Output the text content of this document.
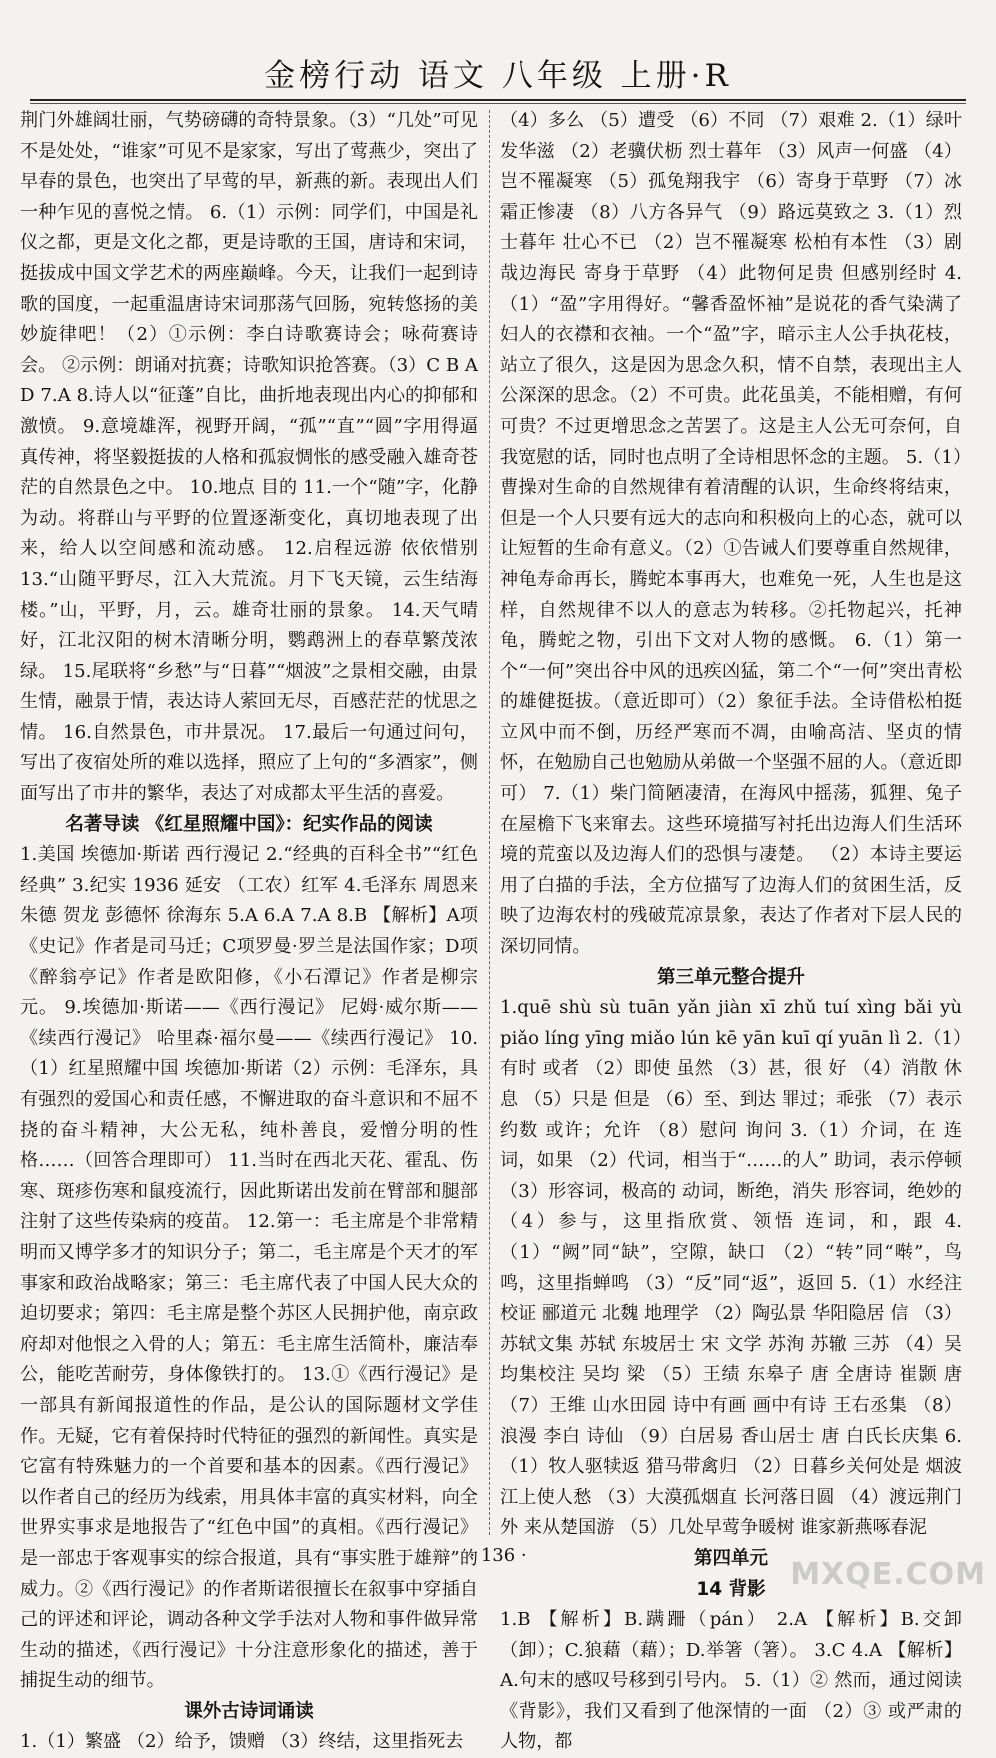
金榜行动 语文 八年级 上册·R

荆门外雄阔壮丽，气势磅礴的奇特景象。（3）“几处”可见不是处处，“谁家”可见不是家家，写出了莺燕少，突出了早春的景色，也突出了早莺的早，新燕的新。表现出人们一种乍见的喜悦之情。 6.（1）示例：同学们，中国是礼仪之都，更是文化之都，更是诗歌的王国，唐诗和宋词，挺拔成中国文学艺术的两座巅峰。今天，让我们一起到诗歌的国度，一起重温唐诗宋词那荡气回肠，宛转悠扬的美妙旋律吧！（2）①示例：李白诗歌赛诗会；咏荷赛诗会。 ②示例：朗诵对抗赛；诗歌知识抢答赛。（3）C B A D 7.A 8.诗人以“征蓬”自比，曲折地表现出内心的抑郁和激愤。 9.意境雄浑，视野开阔，“孤”“直”“圆”字用得逼真传神，将坚毅挺拔的人格和孤寂惆怅的感受融入雄奇苍茫的自然景色之中。 10.地点 目的 11.一个“随”字，化静为动。将群山与平野的位置逐渐变化，真切地表现了出来，给人以空间感和流动感。 12.启程远游 依依惜别 13.“山随平野尽，江入大荒流。月下飞天镜，云生结海楼。”山，平野，月，云。雄奇壮丽的景象。 14.天气晴好，江北汉阳的树木清晰分明，鹦鹉洲上的春草繁茂浓绿。 15.尾联将“乡愁”与“日暮”“烟波”之景相交融，由景生情，融景于情，表达诗人萦回无尽，百感茫茫的忧思之情。 16.自然景色，市井景况。 17.最后一句通过问句，写出了夜宿处所的难以选择，照应了上句的“多酒家”，侧面写出了市井的繁华，表达了对成都太平生活的喜爱。

名著导读 《红星照耀中国》：纪实作品的阅读

1.美国 埃德加·斯诺 西行漫记 2.“经典的百科全书”“红色经典” 3.纪实 1936 延安 （工农）红军 4.毛泽东 周恩来 朱德 贺龙 彭德怀 徐海东 5.A 6.A 7.A 8.B 【解析】A项《史记》作者是司马迁；C项罗曼·罗兰是法国作家；D项《醉翁亭记》作者是欧阳修，《小石潭记》作者是柳宗元。 9.埃德加·斯诺——《西行漫记》 尼姆·威尔斯——《续西行漫记》 哈里森·福尔曼——《续西行漫记》 10.（1）红星照耀中国 埃德加·斯诺（2）示例：毛泽东，具有强烈的爱国心和责任感，不懈进取的奋斗意识和不屈不挠的奋斗精神，大公无私，纯朴善良，爱憎分明的性格……（回答合理即可） 11.当时在西北天花、霍乱、伤寒、斑疹伤寒和鼠疫流行，因此斯诺出发前在臂部和腿部注射了这些传染病的疫苗。 12.第一：毛主席是个非常精明而又博学多才的知识分子；第二，毛主席是个天才的军事家和政治战略家；第三：毛主席代表了中国人民大众的迫切要求；第四：毛主席是整个苏区人民拥护他，南京政府却对他恨之入骨的人；第五：毛主席生活简朴，廉洁奉公，能吃苦耐劳，身体像铁打的。 13.①《西行漫记》是一部具有新闻报道性的作品，是公认的国际题材文学佳作。无疑，它有着保持时代特征的强烈的新闻性。真实是它富有特殊魅力的一个首要和基本的因素。《西行漫记》以作者自己的经历为线索，用具体丰富的真实材料，向全世界实事求是地报告了“红色中国”的真相。《西行漫记》是一部忠于客观事实的综合报道，具有“事实胜于雄辩”的威力。②《西行漫记》的作者斯诺很擅长在叙事中穿插自己的评述和评论，调动各种文学手法对人物和事件做异常生动的描述，《西行漫记》十分注意形象化的描述，善于捕捉生动的细节。

课外古诗词诵读

1.（1）繁盛 （2）给予，馈赠 （3）终结，这里指死去

（4）多么 （5）遭受 （6）不同 （7）艰难 2.（1）绿叶发华滋 （2）老骥伏枥 烈士暮年 （3）风声一何盛 （4）岂不罹凝寒 （5）孤兔翔我宇 （6）寄身于草野 （7）冰霜正惨凄 （8）八方各异气 （9）路远莫致之 3.（1）烈士暮年 壮心不已 （2）岂不罹凝寒 松柏有本性 （3）剧哉边海民 寄身于草野 （4）此物何足贵 但感别经时 4.（1）“盈”字用得好。“馨香盈怀袖”是说花的香气染满了妇人的衣襟和衣袖。一个“盈”字，暗示主人公手执花枝，站立了很久，这是因为思念久积，情不自禁，表现出主人公深深的思念。（2）不可贵。此花虽美，不能相赠，有何可贵？不过更增思念之苦罢了。这是主人公无可奈何，自我宽慰的话，同时也点明了全诗相思怀念的主题。 5.（1）曹操对生命的自然规律有着清醒的认识，生命终将结束，但是一个人只要有远大的志向和积极向上的心态，就可以让短暂的生命有意义。（2）①告诫人们要尊重自然规律，神龟寿命再长，腾蛇本事再大，也难免一死，人生也是这样，自然规律不以人的意志为转移。②托物起兴，托神龟，腾蛇之物，引出下文对人物的感慨。 6.（1）第一个“一何”突出谷中风的迅疾凶猛，第二个“一何”突出青松的雄健挺拔。（意近即可）（2）象征手法。全诗借松柏挺立风中而不倒，历经严寒而不凋，由喻高洁、坚贞的情怀，在勉励自己也勉励从弟做一个坚强不屈的人。（意近即可） 7.（1）柴门简陋凄清，在海风中摇荡，狐狸、兔子在屋檐下飞来窜去。这些环境描写衬托出边海人们生活环境的荒蛮以及边海人们的恐惧与凄楚。 （2）本诗主要运用了白描的手法，全方位描写了边海人们的贫困生活，反映了边海农村的残破荒凉景象，表达了作者对下层人民的深切同情。

第三单元整合提升

1.quē shù sù tuān yǎn jiàn xī zhǔ tuí xìng bǎi yù piǎo líng yīng miǎo lún kē yān kuī qí yuān lì 2.（1）有时 或者 （2）即使 虽然 （3）甚，很 好 （4）消散 休息 （5）只是 但是 （6）至、到达 罪过；乖张 （7）表示约数 或许；允许 （8）慰问 询问 3.（1）介词，在 连词，如果 （2）代词，相当于“……的人” 助词，表示停顿 （3）形容词，极高的 动词，断绝，消失 形容词，绝妙的 （4）参与，这里指欣赏、领悟 连词，和，跟 4.（1）“阙”同“缺”，空隙，缺口 （2）“转”同“啭”，鸟鸣，这里指蝉鸣 （3）“反”同“返”，返回 5.（1）水经注校证 郦道元 北魏 地理学 （2）陶弘景 华阳隐居 信 （3）苏轼文集 苏轼 东坡居士 宋 文学 苏洵 苏辙 三苏 （4）吴均集校注 吴均 梁 （5）王绩 东皋子 唐 全唐诗 崔颢 唐 （7）王维 山水田园 诗中有画 画中有诗 王右丞集 （8）浪漫 李白 诗仙 （9）白居易 香山居士 唐 白氏长庆集 6.（1）牧人驱犊返 猎马带禽归 （2）日暮乡关何处是 烟波江上使人愁 （3）大漠孤烟直 长河落日圆 （4）渡远荆门外 来从楚国游 （5）几处早莺争暖树 谁家新燕啄春泥

第四单元
14 背影

1.B 【解析】B.蹒跚（pán） 2.A 【解析】B.交卸（卸）；C.狼藉（藉）；D.举箸（箸）。 3.C 4.A 【解析】A.句末的感叹号移到引号内。 5.（1）② 然而，通过阅读《背影》，我们又看到了他深情的一面 （2）③ 或严肃的人物，都

· 136 ·
MXQE.COM
